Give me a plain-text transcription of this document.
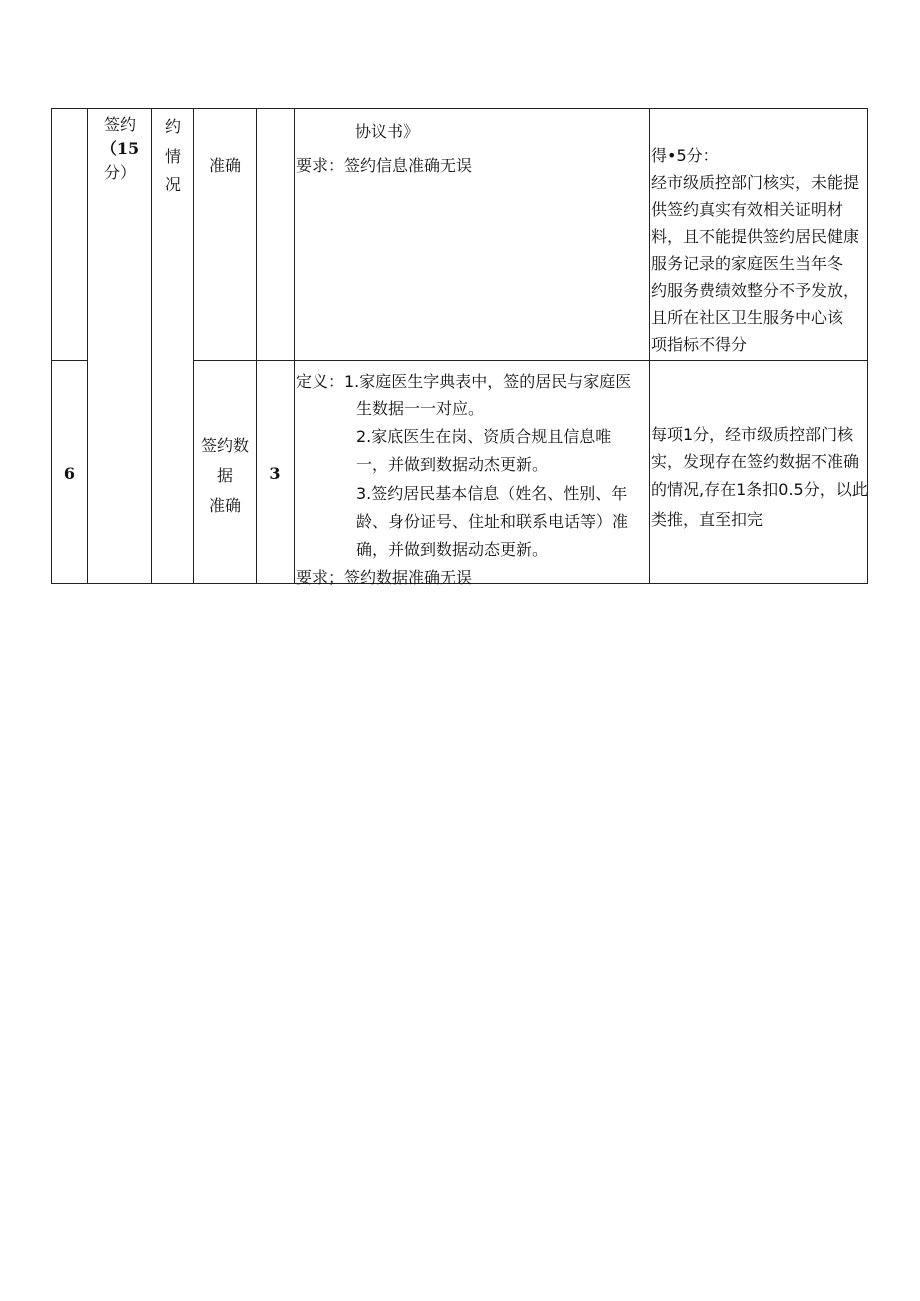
签约
（15
分）
约
情
况
准确
协议书》
要求：签约信息准确无误
得•5分：
经市级质控部门核实，未能提
供签约真实有效相关证明材
料，且不能提供签约居民健康
服务记录的家庭医生当年冬
约服务费绩效整分不予发放，
且所在社区卫生服务中心该
项指标不得分
6
签约数
据
准确
3
定义：1.家庭医生字典表中，签的居民与家庭医
生数据一一对应。
2.家底医生在岗、资质合规且信息唯
一，并做到数据动杰更新。
3.签约居民基本信息（姓名、性别、年
龄、身份证号、住址和联系电话等）准
确，并做到数据动态更新。
要求；签约数据准确无误
每项1分，经市级质控部门核
实，发现存在签约数据不准确
的情况,存在1条扣0.5分，以此
类推，直至扣完
